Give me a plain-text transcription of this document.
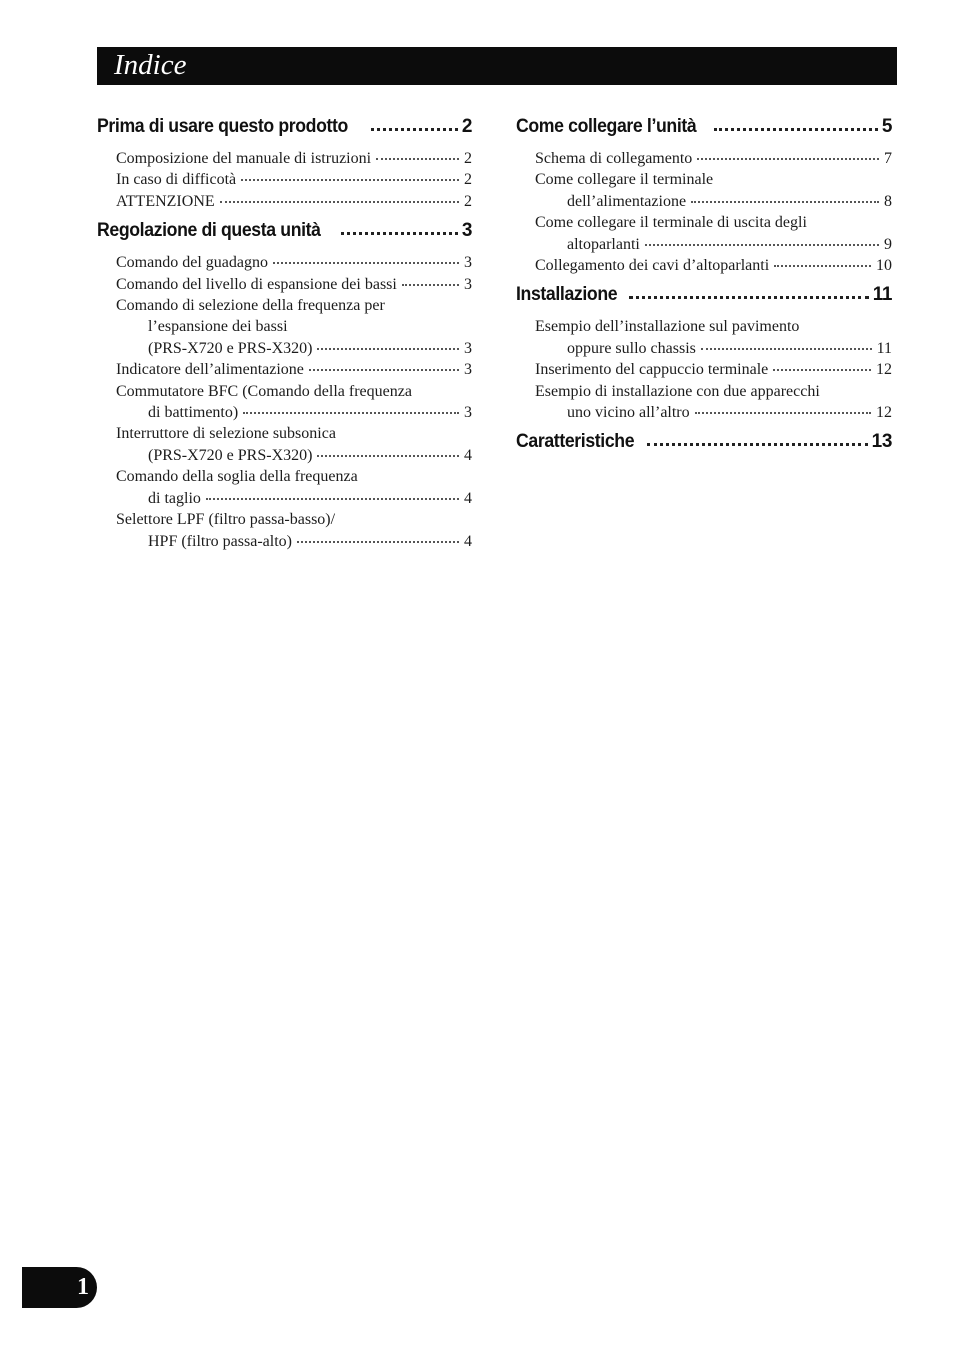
Indice
Prima di usare questo prodotto	2
Composizione del manuale di istruzioni	2
In caso di difficotà	2
ATTENZIONE	2
Regolazione di questa unità	3
Comando del guadagno	3
Comando del livello di espansione dei bassi	3
Comando di selezione della frequenza per
l’espansione dei bassi
(PRS-X720 e PRS-X320)	3
Indicatore dell’alimentazione	3
Commutatore BFC (Comando della frequenza
di battimento)	3
Interruttore di selezione subsonica
(PRS-X720 e PRS-X320)	4
Comando della soglia della frequenza
di taglio	4
Selettore LPF (filtro passa-basso)/
HPF (filtro passa-alto)	4
Come collegare l’unità	5
Schema di collegamento	7
Come collegare il terminale
dell’alimentazione	8
Come collegare il terminale di uscita degli
altoparlanti	9
Collegamento dei cavi d’altoparlanti	10
Installazione	11
Esempio dell’installazione sul pavimento
oppure sullo chassis	11
Inserimento del cappuccio terminale	12
Esempio di installazione con due apparecchi
uno vicino all’altro	12
Caratteristiche	13
1
